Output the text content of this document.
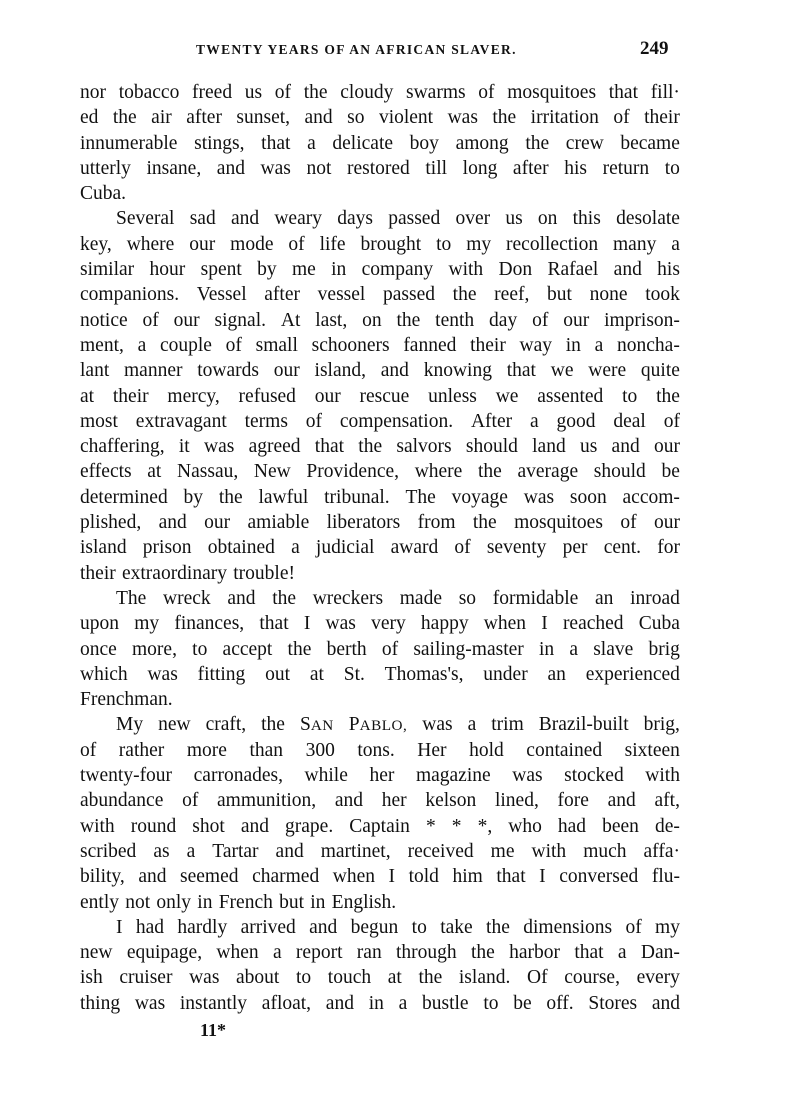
TWENTY YEARS OF AN AFRICAN SLAVER.	249
nor tobacco freed us of the cloudy swarms of mosquitoes that fill·
ed the air after sunset, and so violent was the irritation of their
innumerable stings, that a delicate boy among the crew became
utterly insane, and was not restored till long after his return to
Cuba.
Several sad and weary days passed over us on this desolate
key, where our mode of life brought to my recollection many a
similar hour spent by me in company with Don Rafael and his
companions. Vessel after vessel passed the reef, but none took
notice of our signal. At last, on the tenth day of our imprison-
ment, a couple of small schooners fanned their way in a noncha-
lant manner towards our island, and knowing that we were quite
at their mercy, refused our rescue unless we assented to the
most extravagant terms of compensation. After a good deal of
chaffering, it was agreed that the salvors should land us and our
effects at Nassau, New Providence, where the average should be
determined by the lawful tribunal. The voyage was soon accom-
plished, and our amiable liberators from the mosquitoes of our
island prison obtained a judicial award of seventy per cent. for
their extraordinary trouble!
The wreck and the wreckers made so formidable an inroad
upon my finances, that I was very happy when I reached Cuba
once more, to accept the berth of sailing-master in a slave brig
which was fitting out at St. Thomas's, under an experienced
Frenchman.
My new craft, the SAN PABLO, was a trim Brazil-built brig,
of rather more than 300 tons. Her hold contained sixteen
twenty-four carronades, while her magazine was stocked with
abundance of ammunition, and her kelson lined, fore and aft,
with round shot and grape. Captain * * *, who had been de-
scribed as a Tartar and martinet, received me with much affa·
bility, and seemed charmed when I told him that I conversed flu-
ently not only in French but in English.
I had hardly arrived and begun to take the dimensions of my
new equipage, when a report ran through the harbor that a Dan-
ish cruiser was about to touch at the island. Of course, every
thing was instantly afloat, and in a bustle to be off. Stores and
11*
